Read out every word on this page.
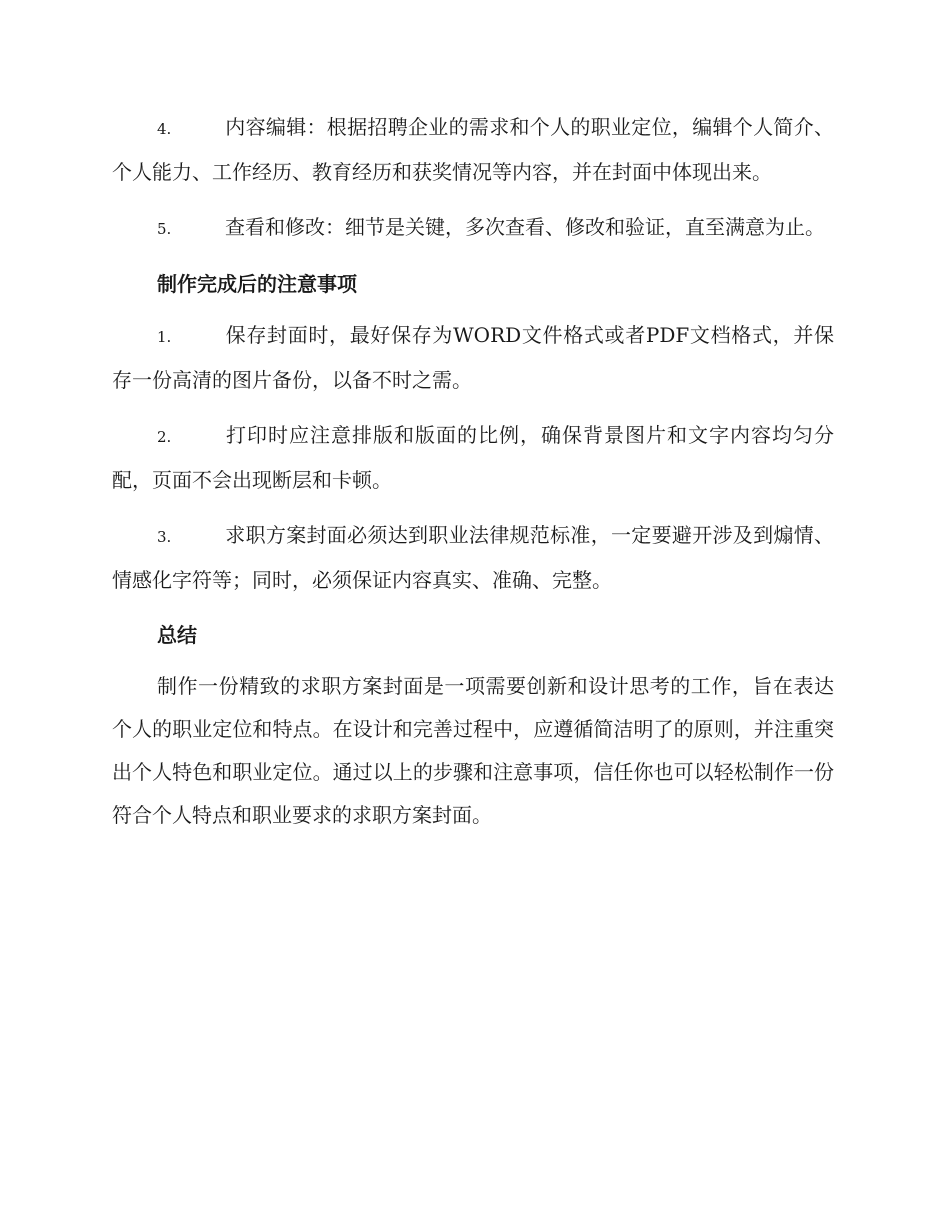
4.	内容编辑：根据招聘企业的需求和个人的职业定位，编辑个人简介、个人能力、工作经历、教育经历和获奖情况等内容，并在封面中体现出来。

5.	查看和修改：细节是关键，多次查看、修改和验证，直至满意为止。

制作完成后的注意事项

1.	保存封面时，最好保存为WORD文件格式或者PDF文档格式，并保存一份高清的图片备份，以备不时之需。

2.	打印时应注意排版和版面的比例，确保背景图片和文字内容均匀分配，页面不会出现断层和卡顿。

3.	求职方案封面必须达到职业法律规范标准，一定要避开涉及到煽情、情感化字符等；同时，必须保证内容真实、准确、完整。

总结

制作一份精致的求职方案封面是一项需要创新和设计思考的工作，旨在表达个人的职业定位和特点。在设计和完善过程中，应遵循简洁明了的原则，并注重突出个人特色和职业定位。通过以上的步骤和注意事项，信任你也可以轻松制作一份符合个人特点和职业要求的求职方案封面。
